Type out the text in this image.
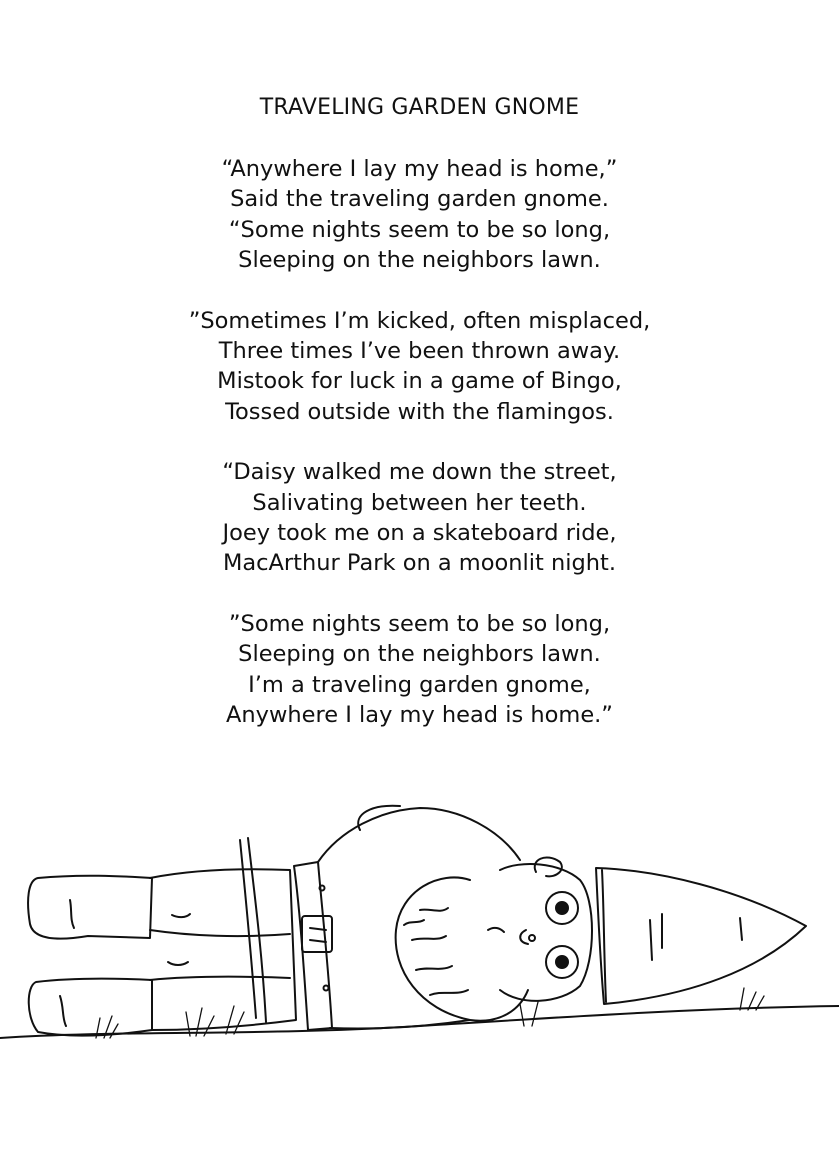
TRAVELING GARDEN GNOME
“Anywhere I lay my head is home,”
Said the traveling garden gnome.
“Some nights seem to be so long,
Sleeping on the neighbors lawn.
”Sometimes I’m kicked, often misplaced,
Three times I’ve been thrown away.
Mistook for luck in a game of Bingo,
Tossed outside with the flamingos.
“Daisy walked me down the street,
Salivating between her teeth.
Joey took me on a skateboard ride,
MacArthur Park on a moonlit night.
”Some nights seem to be so long,
Sleeping on the neighbors lawn.
I’m a traveling garden gnome,
Anywhere I lay my head is home.”
